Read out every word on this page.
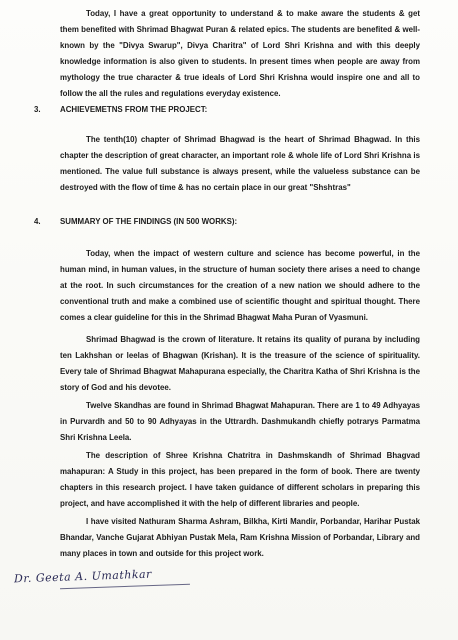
Today, I have a great opportunity to understand & to make aware the students & get them benefited with Shrimad Bhagwat Puran & related epics. The students are benefited & well-known by the "Divya Swarup", Divya Charitra" of Lord Shri Krishna and with this deeply knowledge information is also given to students. In present times when people are away from mythology the true character & true ideals of Lord Shri Krishna would inspire one and all to follow the all the rules and regulations everyday existence.

3. ACHIEVEMETNS FROM THE PROJECT:

The tenth(10) chapter of Shrimad Bhagwad is the heart of Shrimad Bhagwad. In this chapter the description of great character, an important role & whole life of Lord Shri Krishna is mentioned. The value full substance is always present, while the valueless substance can be destroyed with the flow of time & has no certain place in our great "Shshtras"

4. SUMMARY OF THE FINDINGS (IN 500 WORKS):

Today, when the impact of western culture and science has become powerful, in the human mind, in human values, in the structure of human society there arises a need to change at the root. In such circumstances for the creation of a new nation we should adhere to the conventional truth and make a combined use of scientific thought and spiritual thought. There comes a clear guideline for this in the Shrimad Bhagwat Maha Puran of Vyasmuni.

Shrimad Bhagwad is the crown of literature. It retains its quality of purana by including ten Lakhshan or leelas of Bhagwan (Krishan). It is the treasure of the science of spirituality. Every tale of Shrimad Bhagwat Mahapurana especially, the Charitra Katha of Shri Krishna is the story of God and his devotee.

Twelve Skandhas are found in Shrimad Bhagwat Mahapuran. There are 1 to 49 Adhyayas in Purvardh and 50 to 90 Adhyayas in the Uttrardh. Dashmukandh chiefly potrarys Parmatma Shri Krishna Leela.

The description of Shree Krishna Chatritra in Dashmskandh of Shrimad Bhagvad mahapuran: A Study in this project, has been prepared in the form of book. There are twenty chapters in this research project. I have taken guidance of different scholars in preparing this project, and have accomplished it with the help of different libraries and people.

I have visited Nathuram Sharma Ashram, Bilkha, Kirti Mandir, Porbandar, Harihar Pustak Bhandar, Vanche Gujarat Abhiyan Pustak Mela, Ram Krishna Mission of Porbandar, Library and many places in town and outside for this project work.

Dr. Geeta A. Umathkar
